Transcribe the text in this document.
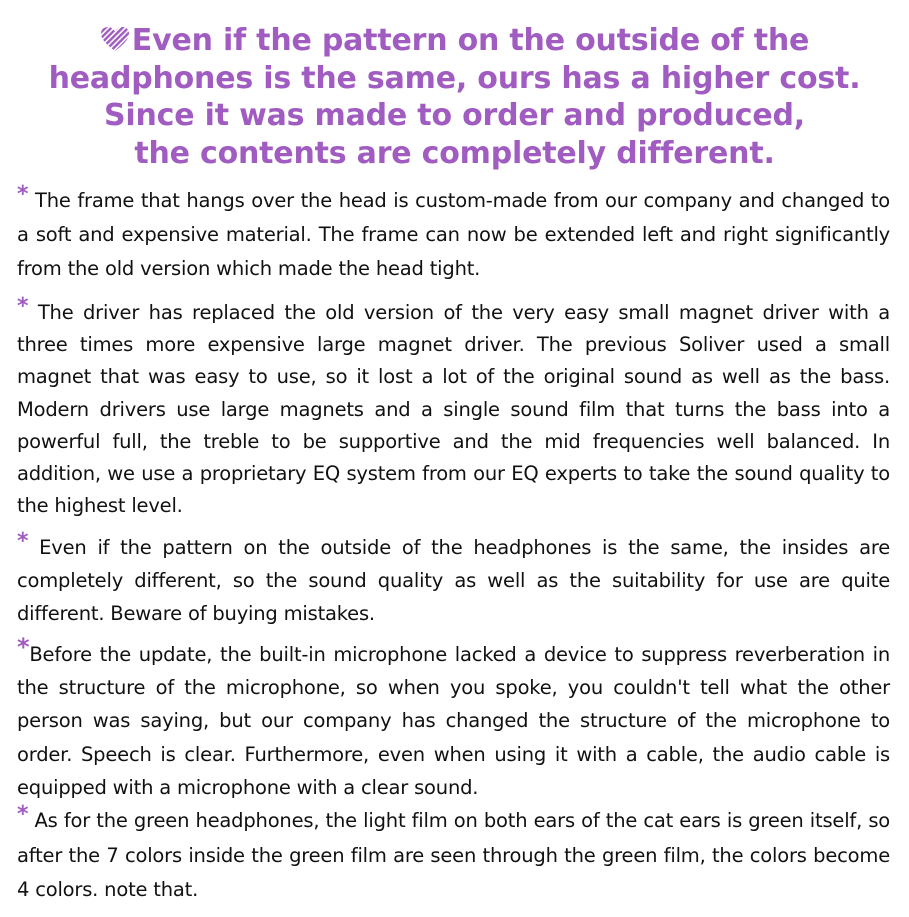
Even if the pattern on the outside of the
headphones is the same, ours has a higher cost.
Since it was made to order and produced,
the contents are completely different.
* The frame that hangs over the head is custom-made from our company and changed to a soft and expensive material. The frame can now be extended left and right significantly from the old version which made the head tight.
* The driver has replaced the old version of the very easy small magnet driver with a three times more expensive large magnet driver. The previous Soliver used a small magnet that was easy to use, so it lost a lot of the original sound as well as the bass. Modern drivers use large magnets and a single sound film that turns the bass into a powerful full, the treble to be supportive and the mid frequencies well balanced. In addition, we use a proprietary EQ system from our EQ experts to take the sound quality to the highest level.
* Even if the pattern on the outside of the headphones is the same, the insides are completely different, so the sound quality as well as the suitability for use are quite different. Beware of buying mistakes.
*Before the update, the built-in microphone lacked a device to suppress reverberation in the structure of the microphone, so when you spoke, you couldn't tell what the other person was saying, but our company has changed the structure of the microphone to order. Speech is clear. Furthermore, even when using it with a cable, the audio cable is equipped with a microphone with a clear sound.
* As for the green headphones, the light film on both ears of the cat ears is green itself, so after the 7 colors inside the green film are seen through the green film, the colors become 4 colors. note that.
